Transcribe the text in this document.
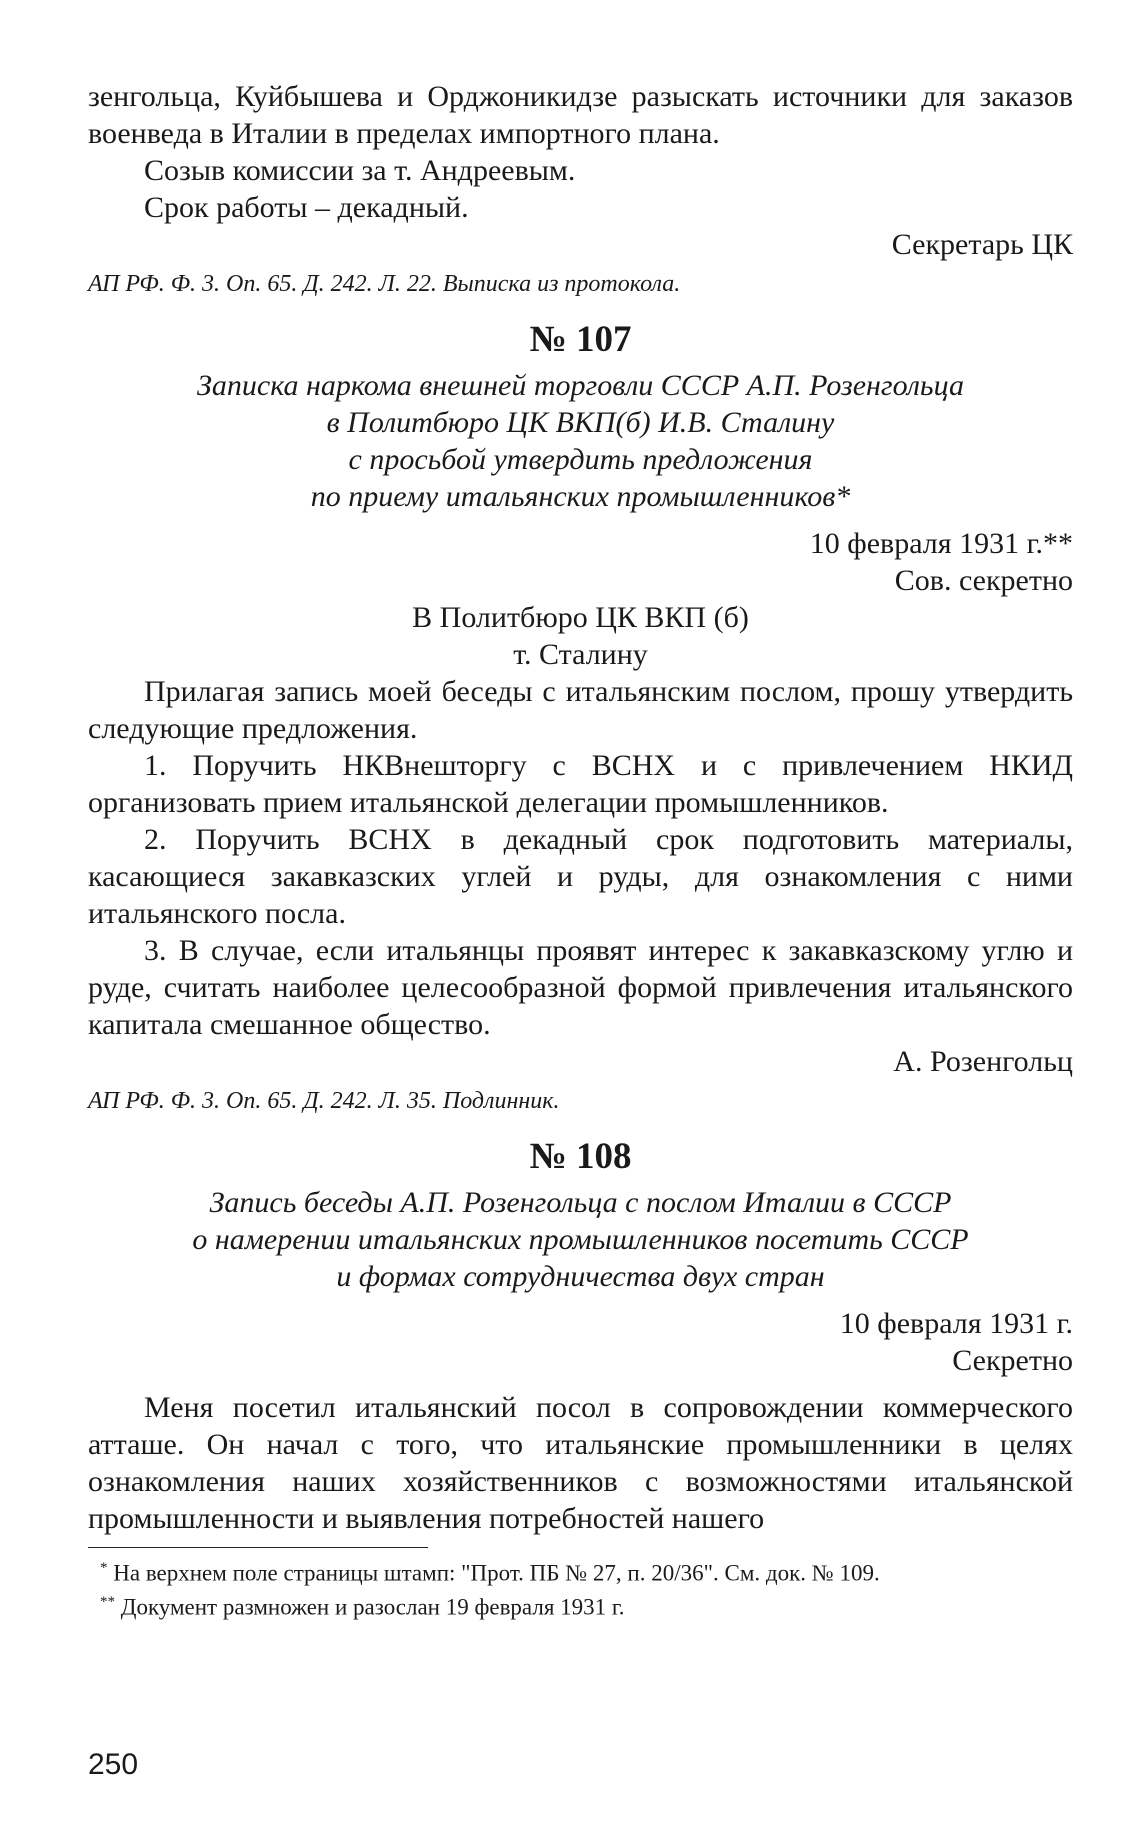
зенгольца, Куйбышева и Орджоникидзе разыскать источники для заказов военведа в Италии в пределах импортного плана.

Созыв комиссии за т. Андреевым.

Срок работы – декадный.

Секретарь ЦК

АП РФ. Ф. 3. Оп. 65. Д. 242. Л. 22. Выписка из протокола.

№ 107
Записка наркома внешней торговли СССР А.П. Розенгольца
в Политбюро ЦК ВКП(б) И.В. Сталину
с просьбой утвердить предложения
по приему итальянских промышленников*

10 февраля 1931 г.**

Сов. секретно

В Политбюро ЦК ВКП (б)

т. Сталину

Прилагая запись моей беседы с итальянским послом, прошу утвердить следующие предложения.

1. Поручить НКВнешторгу с ВСНХ и с привлечением НКИД организовать прием итальянской делегации промышленников.

2. Поручить ВСНХ в декадный срок подготовить материалы, касающиеся закавказских углей и руды, для ознакомления с ними итальянского посла.

3. В случае, если итальянцы проявят интерес к закавказскому углю и руде, считать наиболее целесообразной формой привлечения итальянского капитала смешанное общество.

А. Розенгольц

АП РФ. Ф. 3. Оп. 65. Д. 242. Л. 35. Подлинник.

№ 108
Запись беседы А.П. Розенгольца с послом Италии в СССР
о намерении итальянских промышленников посетить СССР
и формах сотрудничества двух стран

10 февраля 1931 г.

Секретно

Меня посетил итальянский посол в сопровождении коммерческого атташе. Он начал с того, что итальянские промышленники в целях ознакомления наших хозяйственников с возможностями итальянской промышленности и выявления потребностей нашего

* На верхнем поле страницы штамп: "Прот. ПБ № 27, п. 20/36". См. док. № 109.

** Документ размножен и разослан 19 февраля 1931 г.

250
